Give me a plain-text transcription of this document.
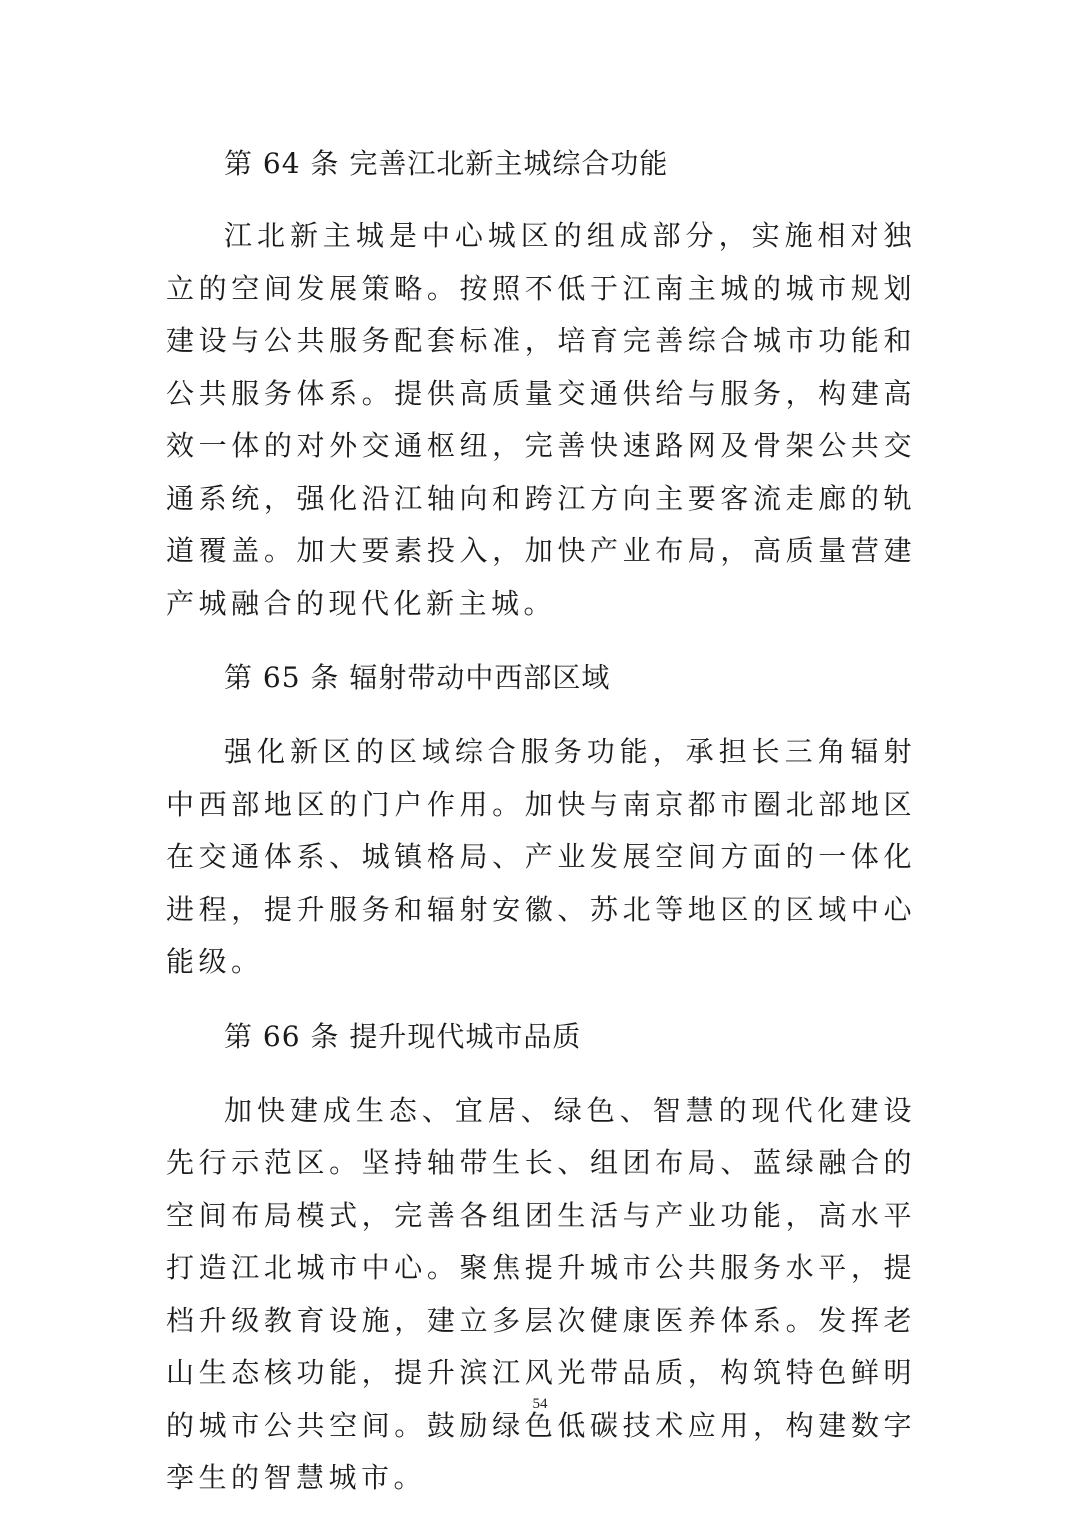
第 64 条 完善江北新主城综合功能

江北新主城是中心城区的组成部分，实施相对独立的空间发展策略。按照不低于江南主城的城市规划建设与公共服务配套标准，培育完善综合城市功能和公共服务体系。提供高质量交通供给与服务，构建高效一体的对外交通枢纽，完善快速路网及骨架公共交通系统，强化沿江轴向和跨江方向主要客流走廊的轨道覆盖。加大要素投入，加快产业布局，高质量营建产城融合的现代化新主城。

第 65 条 辐射带动中西部区域

强化新区的区域综合服务功能，承担长三角辐射中西部地区的门户作用。加快与南京都市圈北部地区在交通体系、城镇格局、产业发展空间方面的一体化进程，提升服务和辐射安徽、苏北等地区的区域中心能级。

第 66 条 提升现代城市品质

加快建成生态、宜居、绿色、智慧的现代化建设先行示范区。坚持轴带生长、组团布局、蓝绿融合的空间布局模式，完善各组团生活与产业功能，高水平打造江北城市中心。聚焦提升城市公共服务水平，提档升级教育设施，建立多层次健康医养体系。发挥老山生态核功能，提升滨江风光带品质，构筑特色鲜明的城市公共空间。鼓励绿色低碳技术应用，构建数字孪生的智慧城市。

54
